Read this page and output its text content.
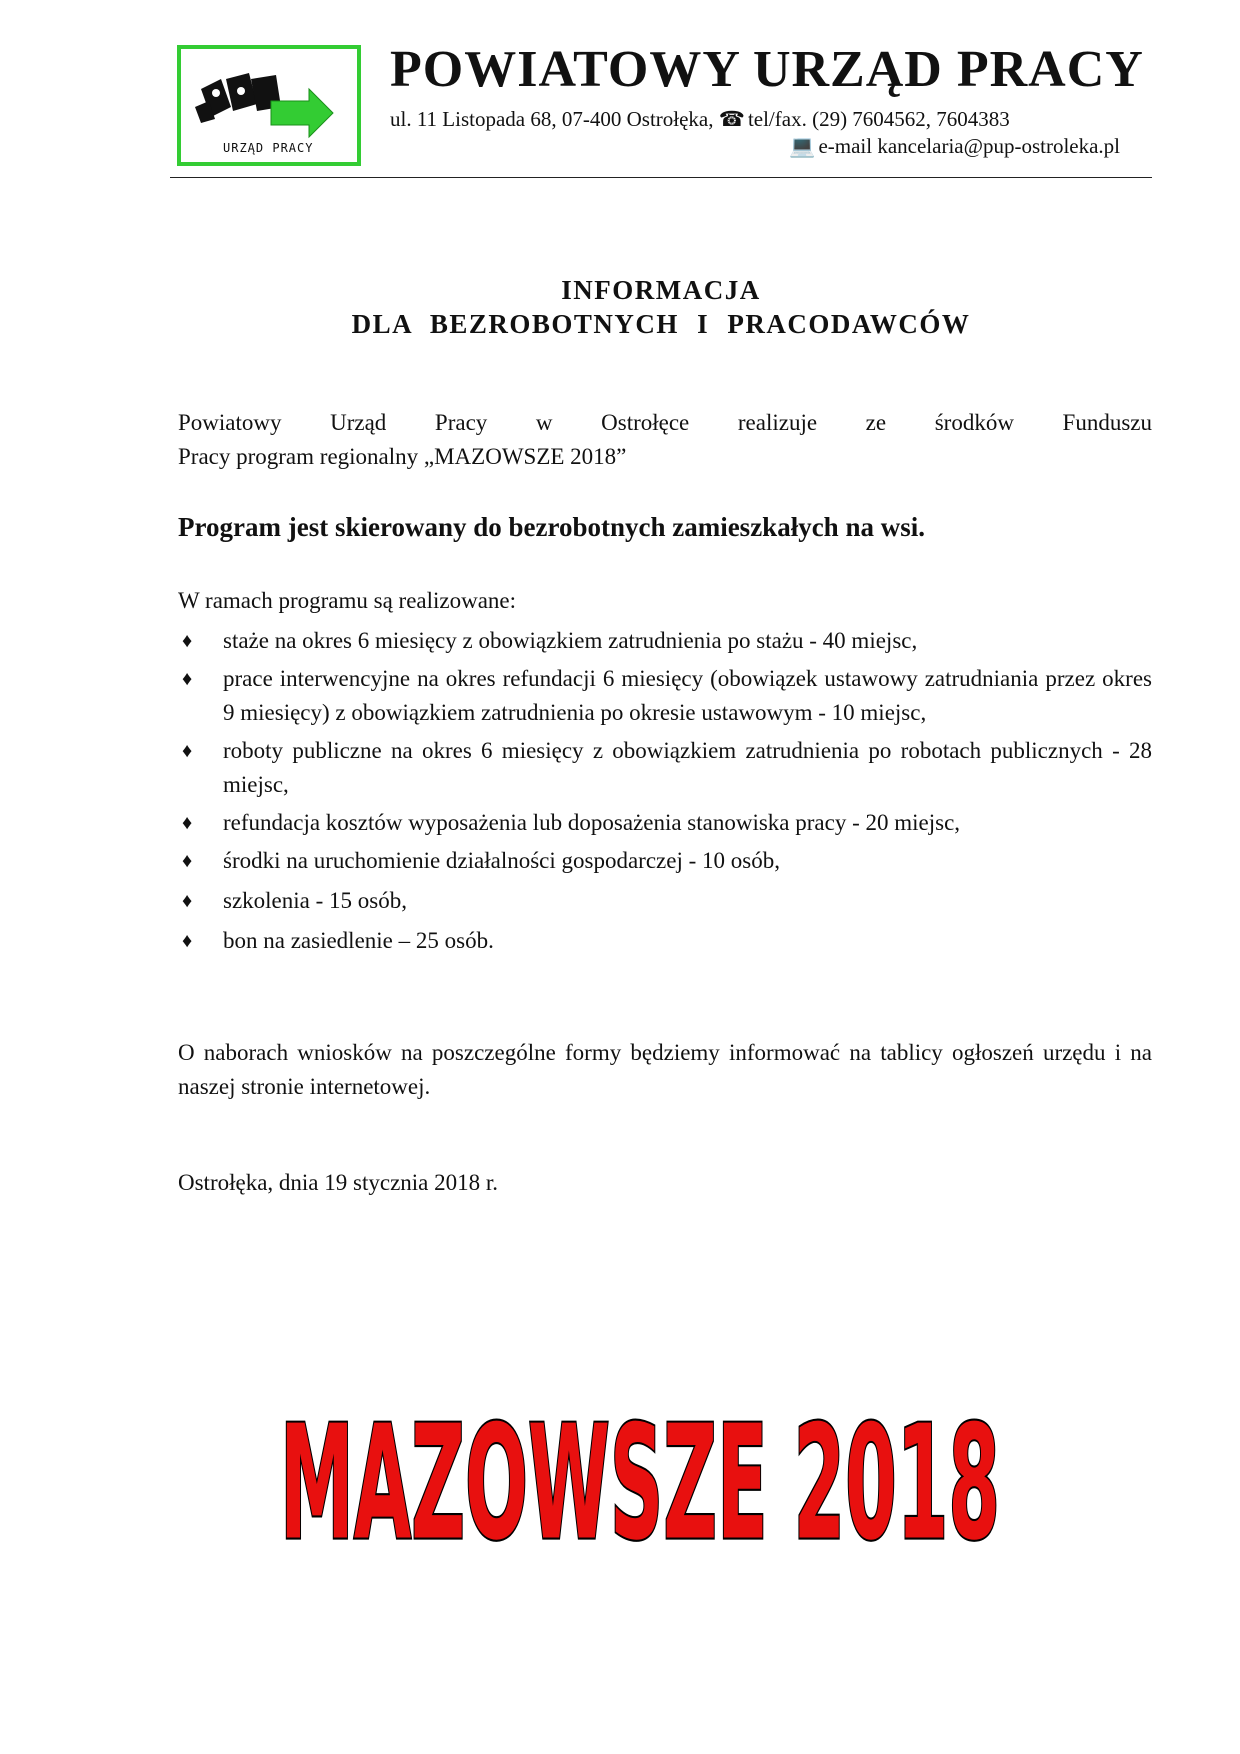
URZĄD PRACY
POWIATOWY URZĄD PRACY
ul. 11 Listopada 68, 07-400 Ostrołęka, ☎ tel/fax. (29) 7604562, 7604383
💻 e-mail kancelaria@pup-ostroleka.pl
INFORMACJA
DLA BEZROBOTNYCH I PRACODAWCÓW
Powiatowy Urząd Pracy w Ostrołęce realizuje ze środków Funduszu
Pracy program regionalny „MAZOWSZE 2018”
Program jest skierowany do bezrobotnych zamieszkałych na wsi.
W ramach programu są realizowane:
♦ staże na okres 6 miesięcy z obowiązkiem zatrudnienia po stażu - 40 miejsc,
♦ prace interwencyjne na okres refundacji 6 miesięcy (obowiązek ustawowy zatrudniania przez okres 9 miesięcy) z obowiązkiem zatrudnienia po okresie ustawowym - 10 miejsc,
♦ roboty publiczne na okres 6 miesięcy z obowiązkiem zatrudnienia po robotach publicznych - 28 miejsc,
♦ refundacja kosztów wyposażenia lub doposażenia stanowiska pracy - 20 miejsc,
♦ środki na uruchomienie działalności gospodarczej - 10 osób,
♦ szkolenia - 15 osób,
♦ bon na zasiedlenie – 25 osób.
O naborach wniosków na poszczególne formy będziemy informować na tablicy ogłoszeń urzędu i na naszej stronie internetowej.
Ostrołęka, dnia 19 stycznia 2018 r.
MAZOWSZE 2018
